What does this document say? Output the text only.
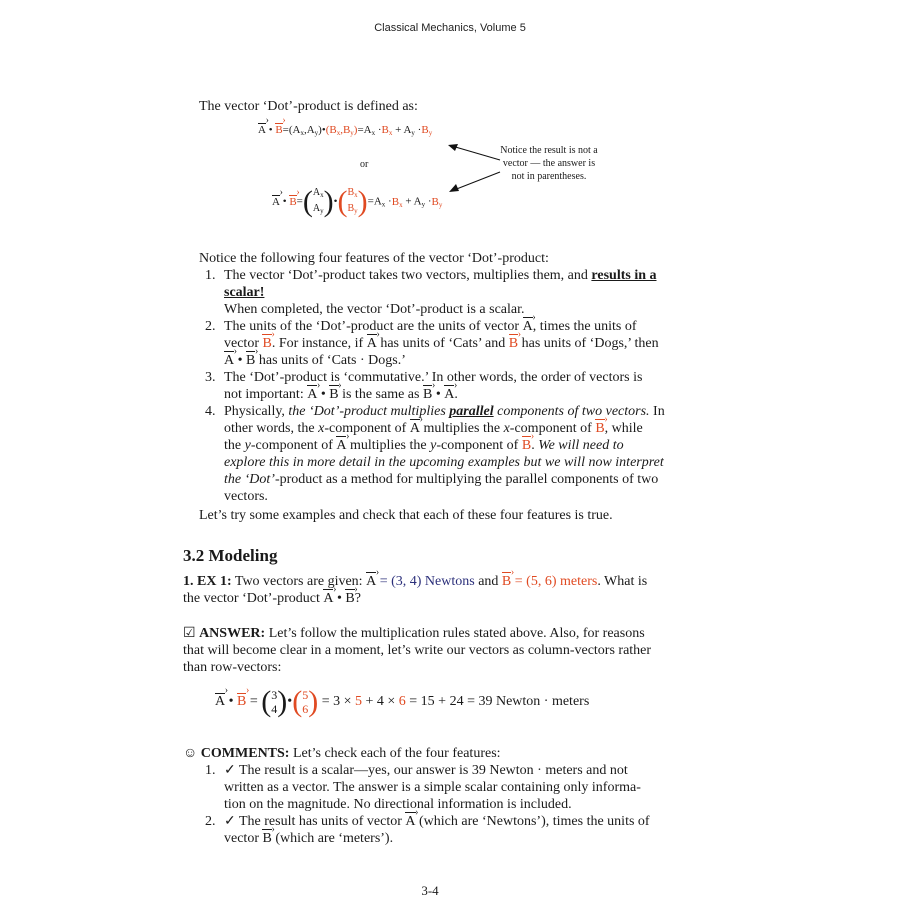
Classical Mechanics, Volume 5
The vector ‘Dot’-product is defined as:
A › • B $›=(A_x,A_y)•(B_x,B_y)=A_x \cdot B_x + A_y \cdot B_y$
or
A › • B $›=(A_x$
$A_y)•(B_x$
$B_y)=A_x \cdot B_x + A_y \cdot B_y$
Notice the result is not a vector — the answer is not in parentheses.
Notice the following four features of the vector ‘Dot’-product:
1. The vector ‘Dot’-product takes two vectors, multiplies them, and results in a scalar!
When completed, the vector ‘Dot’-product is a scalar.
2. The units of the ‘Dot’-product are the units of vector A ›, times the units of
vector B ›. For instance, if A › has units of ‘Cats’ and B › has units of ‘Dogs,’ then
A › • B › has units of ‘Cats · Dogs.’
3. The ‘Dot’-product is ‘commutative.’ In other words, the order of vectors is
not important: A › • B › is the same as B › • A ›.
4. Physically, the ‘Dot’-product multiplies parallel components of two vectors. In
other words, the x-component of A › multiplies the x-component of B ›, while
the y-component of A › multiplies the y-component of B ›. We will need to
explore this in more detail in the upcoming examples but we will now interpret
the ‘Dot’-product as a method for multiplying the parallel components of two
vectors.
Let’s try some examples and check that each of these four features is true.
3.2 Modeling
1. EX 1: Two vectors are given: A › = (3, 4) Newtons and B › = (5, 6) meters. What is
the vector ‘Dot’-product A › • B ›?
☑ ANSWER: Let’s follow the multiplication rules stated above. Also, for reasons
that will become clear in a moment, let’s write our vectors as column-vectors rather
than row-vectors:
A › • B › = (3
4)•(5
6) = 3 × 5 + 4 × 6 = 15 + 24 = 39 Newton · meters
☺ COMMENTS: Let’s check each of the four features:
1. ✓ The result is a scalar—yes, our answer is 39 Newton · meters and not
written as a vector. The answer is a simple scalar containing only informa-
tion on the magnitude. No directional information is included.
2. ✓ The result has units of vector A › (which are ‘Newtons’), times the units of
vector B › (which are ‘meters’).
3-4
